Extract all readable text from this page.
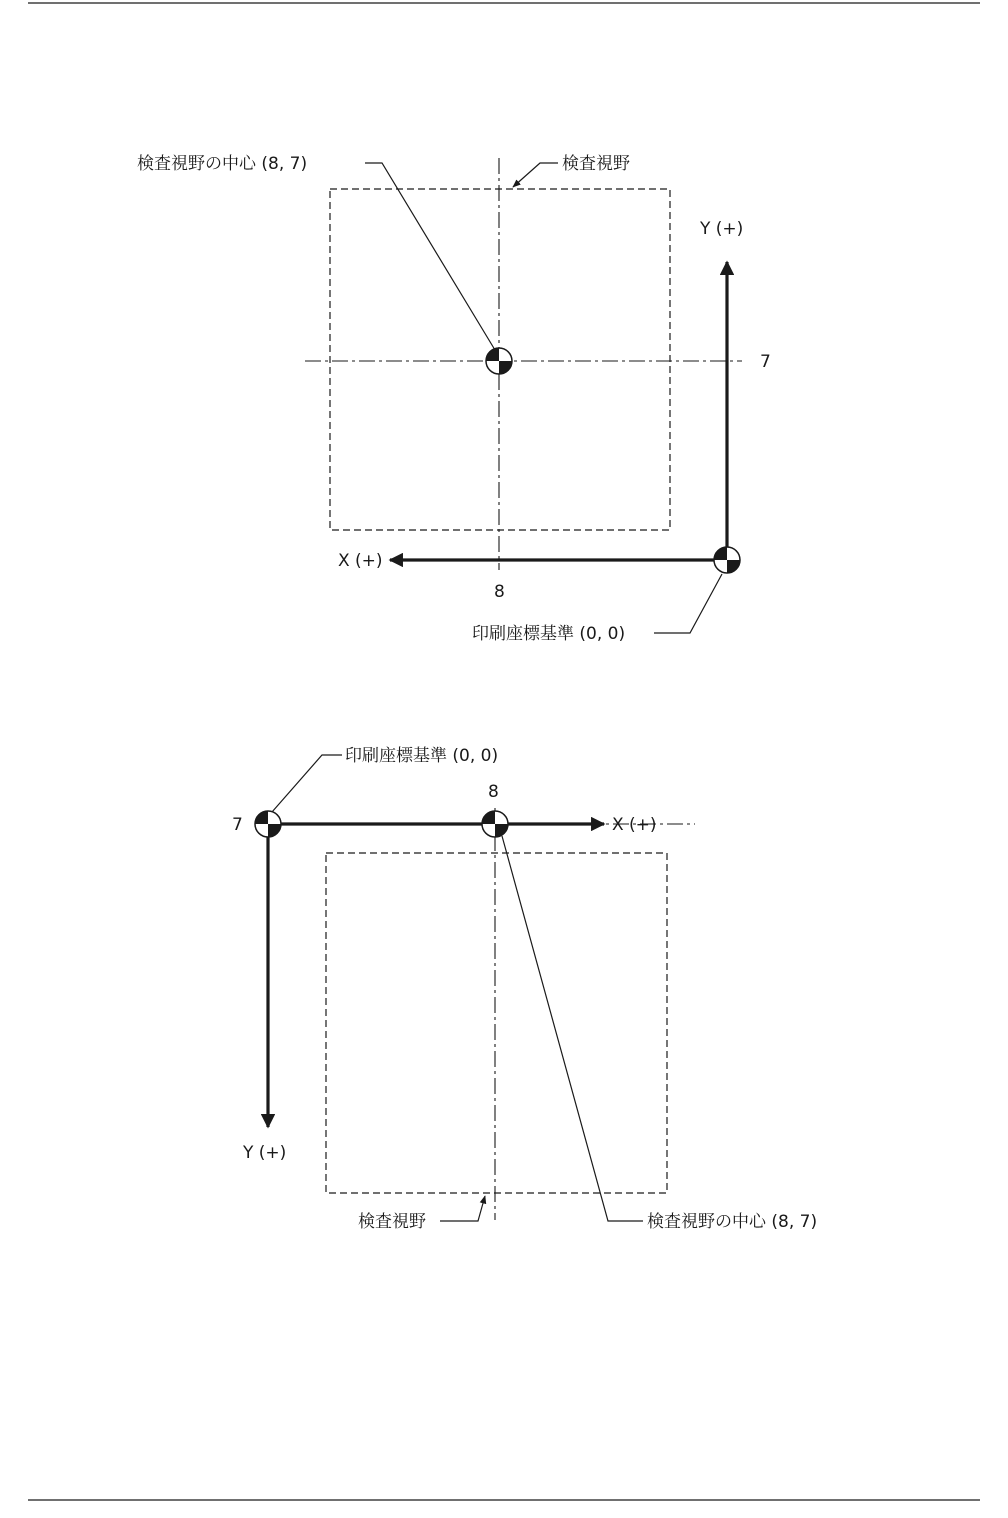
検査視野の中心 (8, 7)	検査視野
印刷座標基準 (0, 0)
Y (+)
X (+)
7
8
印刷座標基準 (0, 0)
8
X (+)
7
Y (+)
検査視野	検査視野の中心 (8, 7)
